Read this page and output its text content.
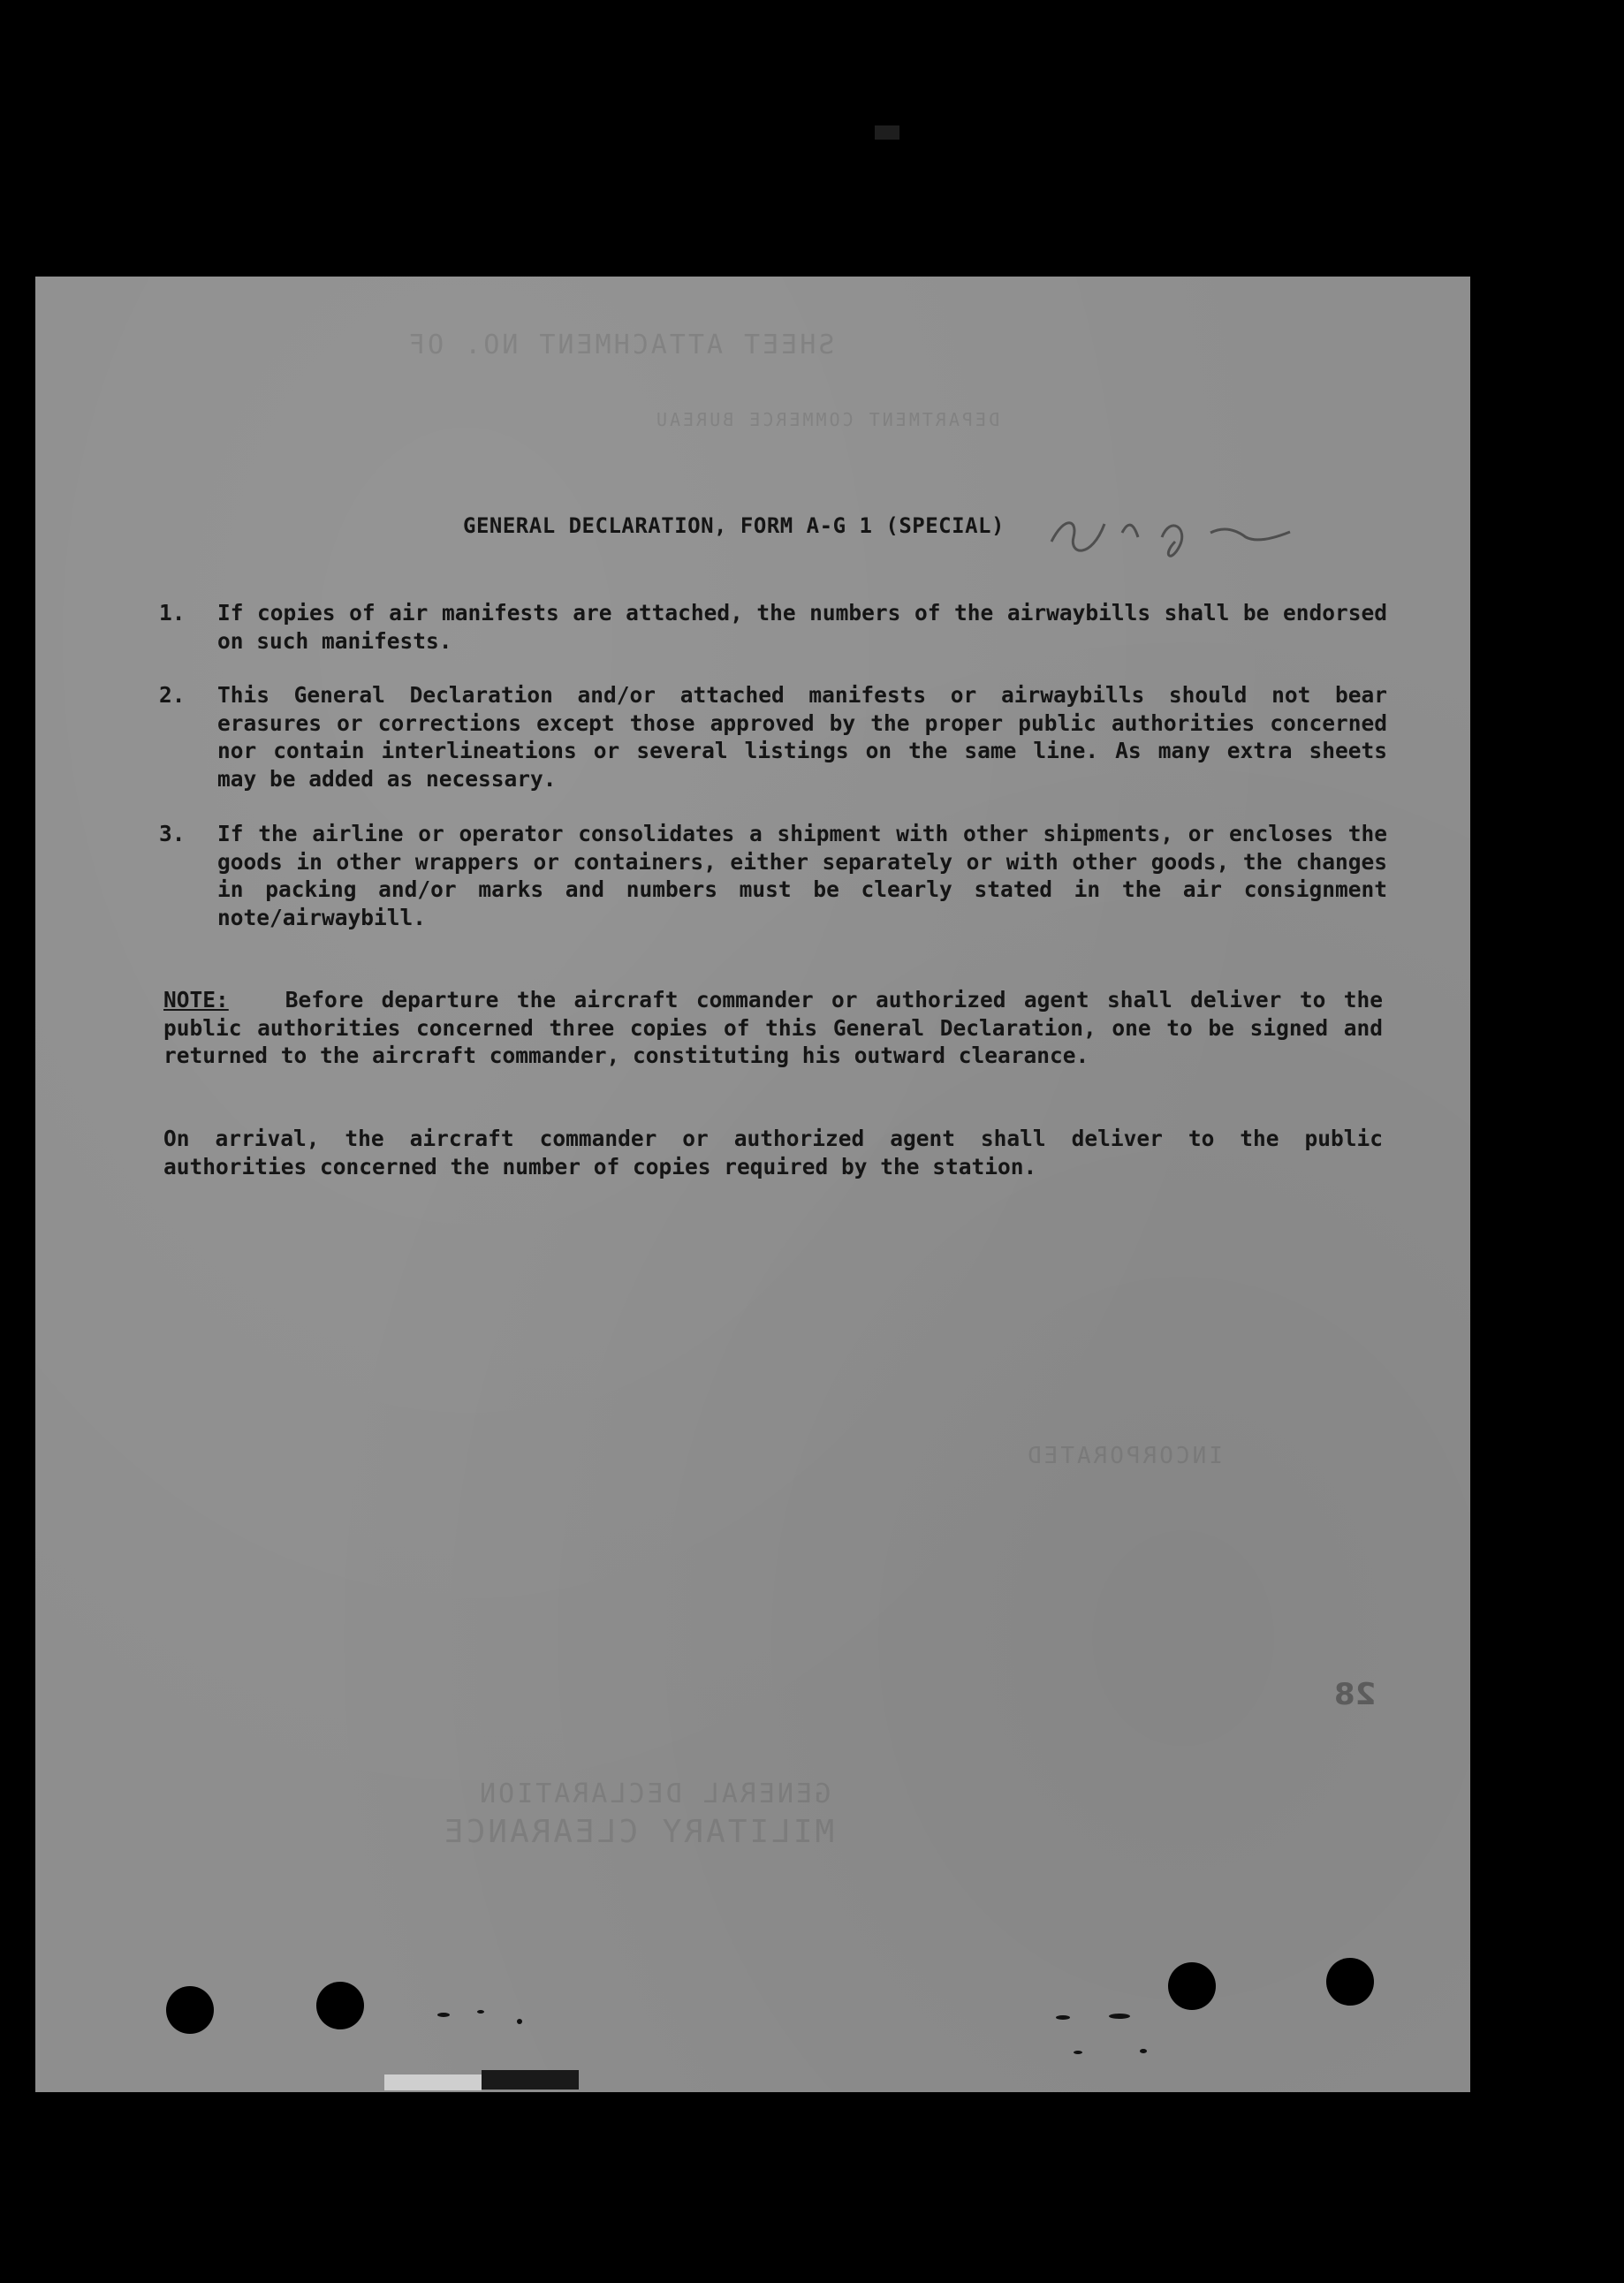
SHEET ATTACHMENT NO. OF
DEPARTMENT COMMERCE BUREAU
INCORPORATED
GENERAL DECLARATION
MILITARY CLEARANCE
GENERAL DECLARATION, FORM A-G 1 (SPECIAL)
1.	If copies of air manifests are attached, the numbers of the airwaybills shall be endorsed on such manifests.
2.	This General Declaration and/or attached manifests or airwaybills should not bear erasures or corrections except those approved by the proper public authorities concerned nor contain interlineations or several listings on the same line. As many extra sheets may be added as necessary.
3.	If the airline or operator consolidates a shipment with other shipments, or encloses the goods in other wrappers or containers, either separately or with other goods, the changes in packing and/or marks and numbers must be clearly stated in the air consignment note/airwaybill.
NOTE:	Before departure the aircraft commander or authorized agent shall deliver to the public authorities concerned three copies of this General Declaration, one to be signed and returned to the aircraft commander, constituting his outward clearance.
On arrival, the aircraft commander or authorized agent shall deliver to the public authorities concerned the number of copies required by the station.
28
